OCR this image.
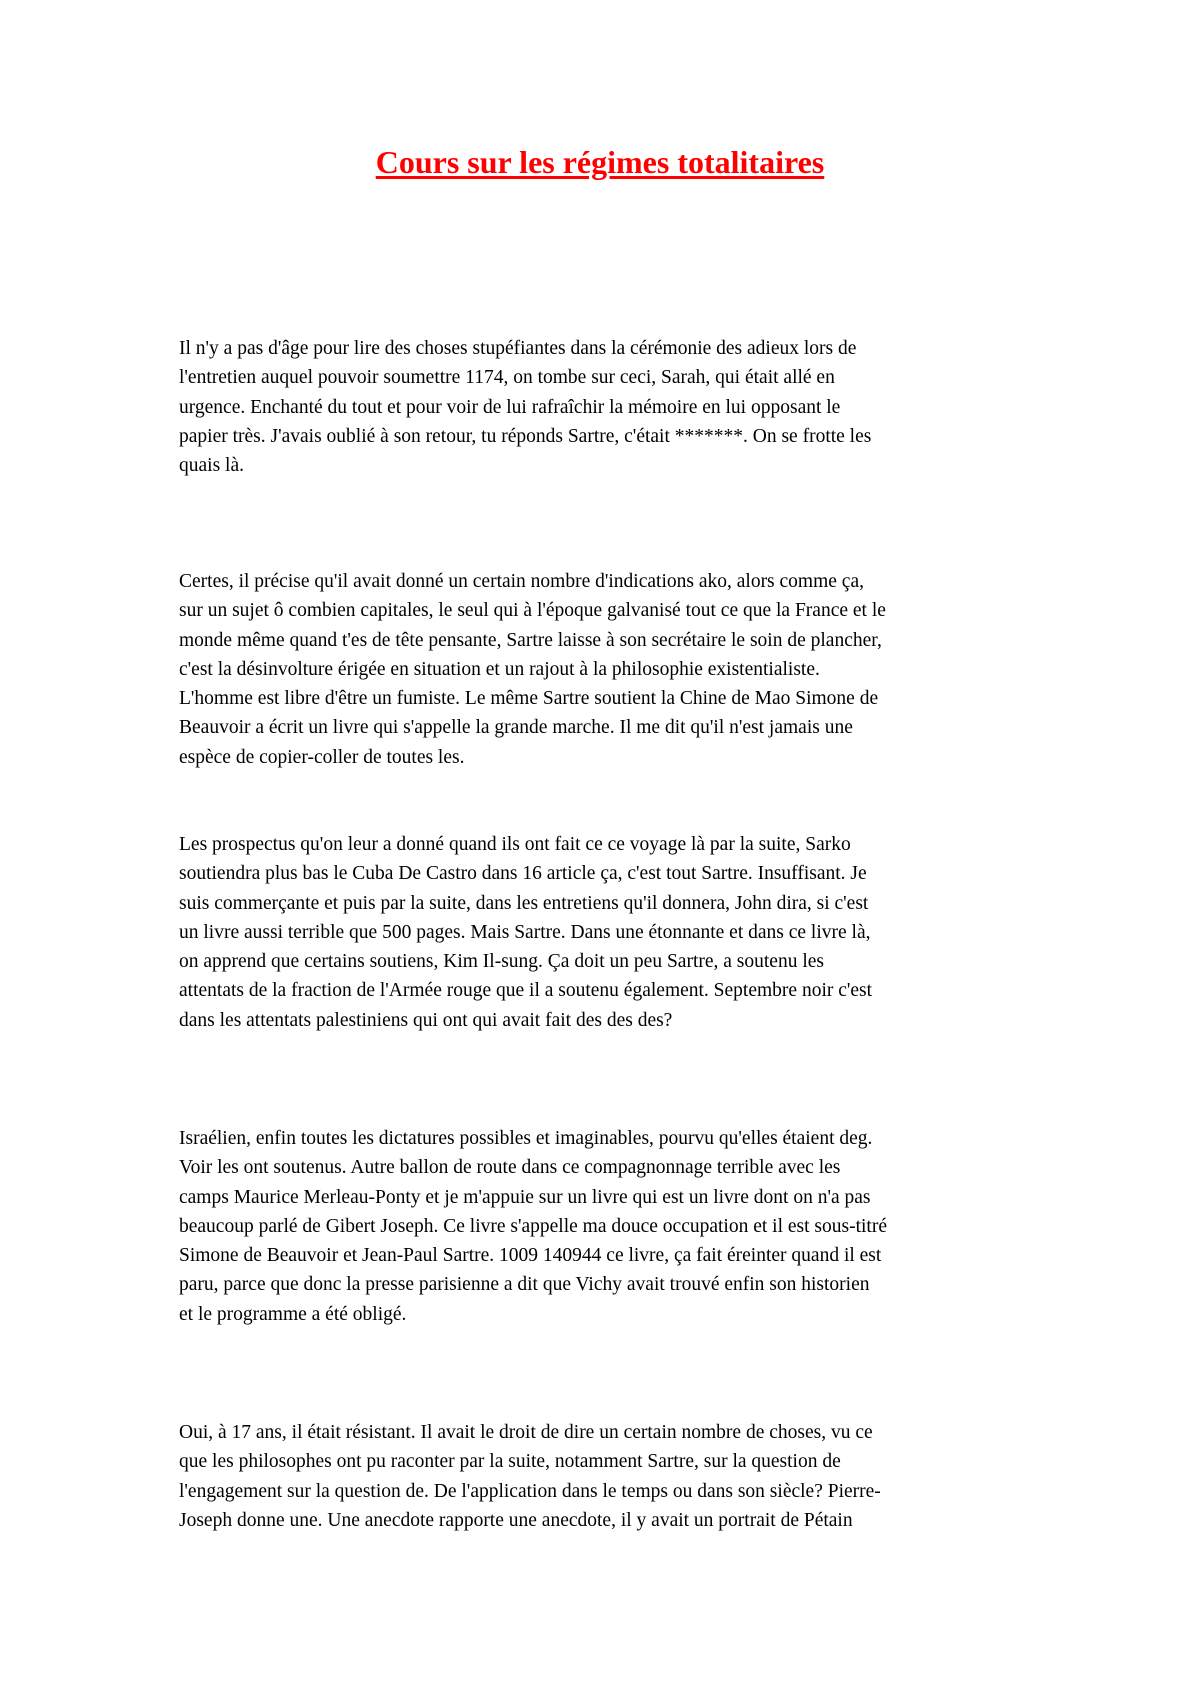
Cours sur les régimes totalitaires

Il n'y a pas d'âge pour lire des choses stupéfiantes dans la cérémonie des adieux lors de
l'entretien auquel pouvoir soumettre 1174, on tombe sur ceci, Sarah, qui était allé en
urgence. Enchanté du tout et pour voir de lui rafraîchir la mémoire en lui opposant le
papier très. J'avais oublié à son retour, tu réponds Sartre, c'était *******. On se frotte les
quais là.

Certes, il précise qu'il avait donné un certain nombre d'indications ako, alors comme ça,
sur un sujet ô combien capitales, le seul qui à l'époque galvanisé tout ce que la France et le
monde même quand t'es de tête pensante, Sartre laisse à son secrétaire le soin de plancher,
c'est la désinvolture érigée en situation et un rajout à la philosophie existentialiste.
L'homme est libre d'être un fumiste. Le même Sartre soutient la Chine de Mao Simone de
Beauvoir a écrit un livre qui s'appelle la grande marche. Il me dit qu'il n'est jamais une
espèce de copier-coller de toutes les.

Les prospectus qu'on leur a donné quand ils ont fait ce ce voyage là par la suite, Sarko
soutiendra plus bas le Cuba De Castro dans 16 article ça, c'est tout Sartre. Insuffisant. Je
suis commerçante et puis par la suite, dans les entretiens qu'il donnera, John dira, si c'est
un livre aussi terrible que 500 pages. Mais Sartre. Dans une étonnante et dans ce livre là,
on apprend que certains soutiens, Kim Il-sung. Ça doit un peu Sartre, a soutenu les
attentats de la fraction de l'Armée rouge que il a soutenu également. Septembre noir c'est
dans les attentats palestiniens qui ont qui avait fait des des des?

Israélien, enfin toutes les dictatures possibles et imaginables, pourvu qu'elles étaient deg.
Voir les ont soutenus. Autre ballon de route dans ce compagnonnage terrible avec les
camps Maurice Merleau-Ponty et je m'appuie sur un livre qui est un livre dont on n'a pas
beaucoup parlé de Gibert Joseph. Ce livre s'appelle ma douce occupation et il est sous-titré
Simone de Beauvoir et Jean-Paul Sartre. 1009 140944 ce livre, ça fait éreinter quand il est
paru, parce que donc la presse parisienne a dit que Vichy avait trouvé enfin son historien
et le programme a été obligé.

Oui, à 17 ans, il était résistant. Il avait le droit de dire un certain nombre de choses, vu ce
que les philosophes ont pu raconter par la suite, notamment Sartre, sur la question de
l'engagement sur la question de. De l'application dans le temps ou dans son siècle? Pierre-
Joseph donne une. Une anecdote rapporte une anecdote, il y avait un portrait de Pétain
